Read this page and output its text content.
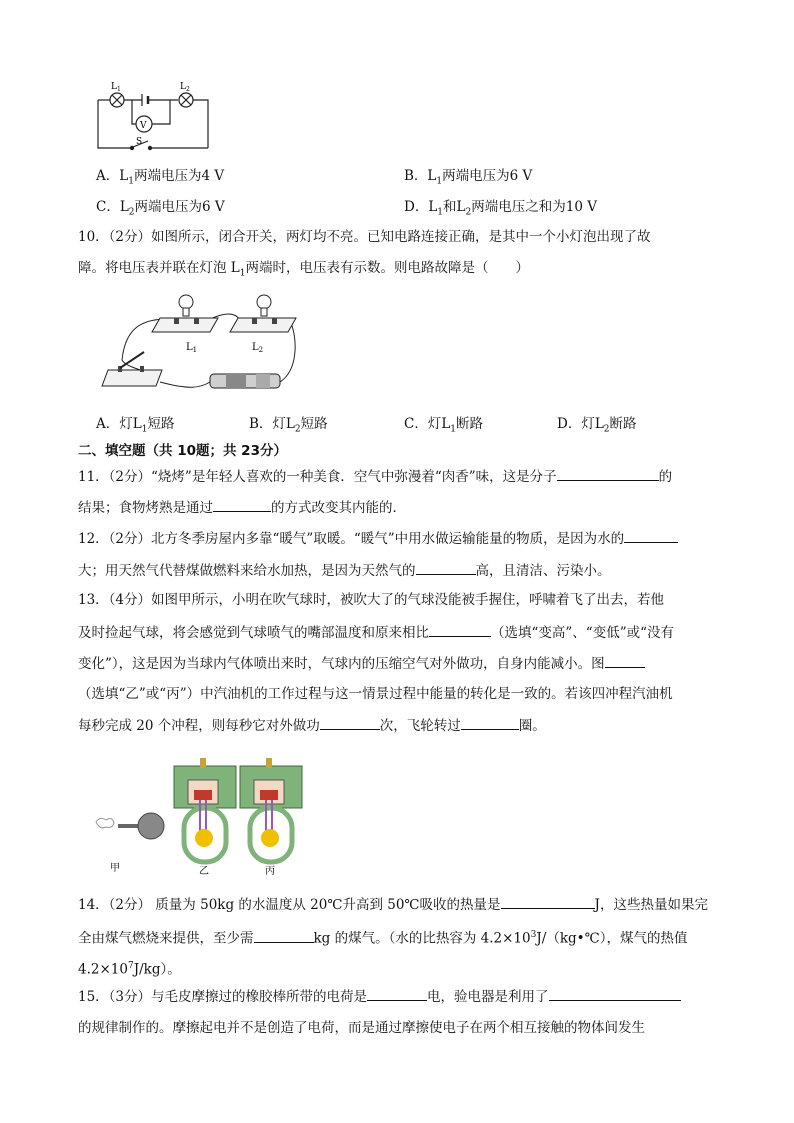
V
$L_1$	$L_2$
S
A．$L_1$两端电压为4 V	B．$L_1$两端电压为6 V
C．$L_2$两端电压为6 V	D．$L_1$和$L_2$两端电压之和为10 V
10．（2分）如图所示，闭合开关，两灯均不亮。已知电路连接正确，是其中一个小灯泡出现了故
障。将电压表并联在灯泡 $L_1$两端时，电压表有示数。则电路故障是（　　）
$L_1$	$L_2$
A．灯$L_1$短路	B．灯$L_2$短路	C．灯$L_1$断路	D．灯$L_2$断路
二、填空题（共 10题；共 23分）
11．（2分）“烧烤”是年轻人喜欢的一种美食．空气中弥漫着“肉香”味，这是分子	的
结果；食物烤熟是通过	的方式改变其内能的．
12．（2分）北方冬季房屋内多靠“暖气”取暖。“暖气”中用水做运输能量的物质，是因为水的
大；用天然气代替煤做燃料来给水加热，是因为天然气的	高，且清洁、污染小。
13．（4分）如图甲所示，小明在吹气球时，被吹大了的气球没能被手握住，呼啸着飞了出去，若他
及时捡起气球，将会感觉到气球喷气的嘴部温度和原来相比	（选填“变高”、“变低”或“没有
变化”），这是因为当球内气体喷出来时，气球内的压缩空气对外做功，自身内能减小。图
（选填“乙”或“丙”）中汽油机的工作过程与这一情景过程中能量的转化是一致的。若该四冲程汽油机
每秒完成 20 个冲程，则每秒它对外做功	次，飞轮转过	圈。
甲	乙	丙
14．（2分） 质量为 50kg 的水温度从 20℃升高到 50℃吸收的热量是	J，这些热量如果完
全由煤气燃烧来提供，至少需	kg 的煤气。（水的比热容为 $4.2\times 10^3J/(kg•℃)$，煤气的热值
$4.2\times 10^7J/kg$）。
15．（3分）与毛皮摩擦过的橡胶棒所带的电荷是	电，验电器是利用了
的规律制作的。摩擦起电并不是创造了电荷，而是通过摩擦使电子在两个相互接触的物体间发生
